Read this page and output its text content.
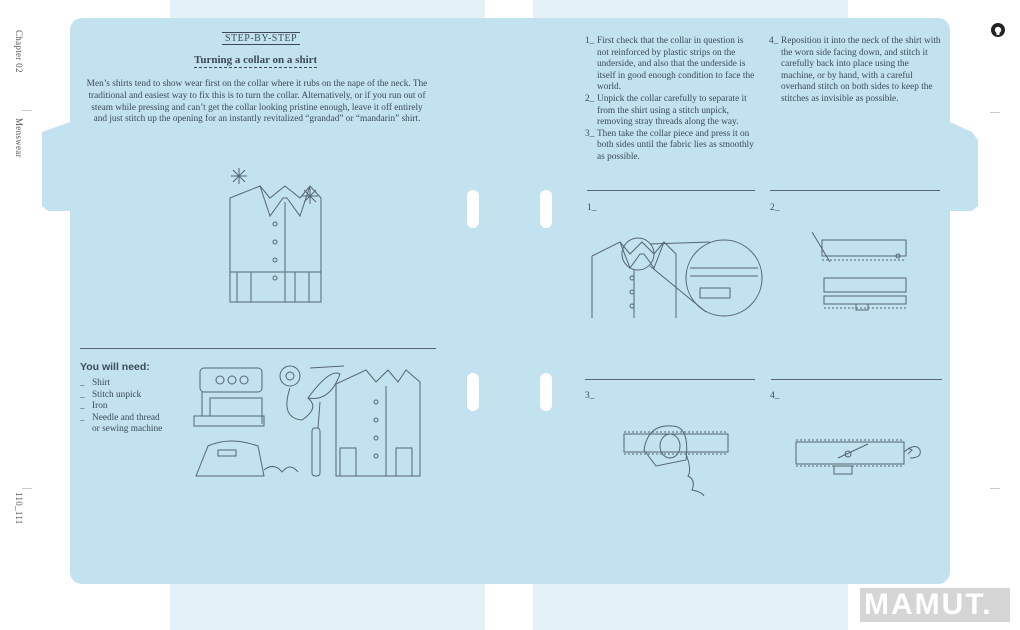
Chapter 02
Menswear
110_111
STEP-BY-STEP
Turning a collar on a shirt
Men’s shirts tend to show wear first on the collar where it rubs on the nape of the neck. The traditional and easiest way to fix this is to turn the collar. Alternatively, or if you run out of steam while pressing and can’t get the collar looking pristine enough, leave it off entirely and just stitch up the opening for an instantly revitalized “grandad” or “mandarin” shirt.
You will need:
_ Shirt
_ Stitch unpick
_ Iron
_ Needle and thread
or sewing machine
1_ First check that the collar in question is not reinforced by plastic strips on the underside, and also that the underside is itself in good enough condition to face the world.
2_ Unpick the collar carefully to separate it from the shirt using a stitch unpick, removing stray threads along the way.
3_ Then take the collar piece and press it on both sides until the fabric lies as smoothly as possible.
4_ Reposition it into the neck of the shirt with the worn side facing down, and stitch it carefully back into place using the machine, or by hand, with a careful overhand stitch on both sides to keep the stitches as invisible as possible.
1_	2_
3_	4_
MAMUT.
